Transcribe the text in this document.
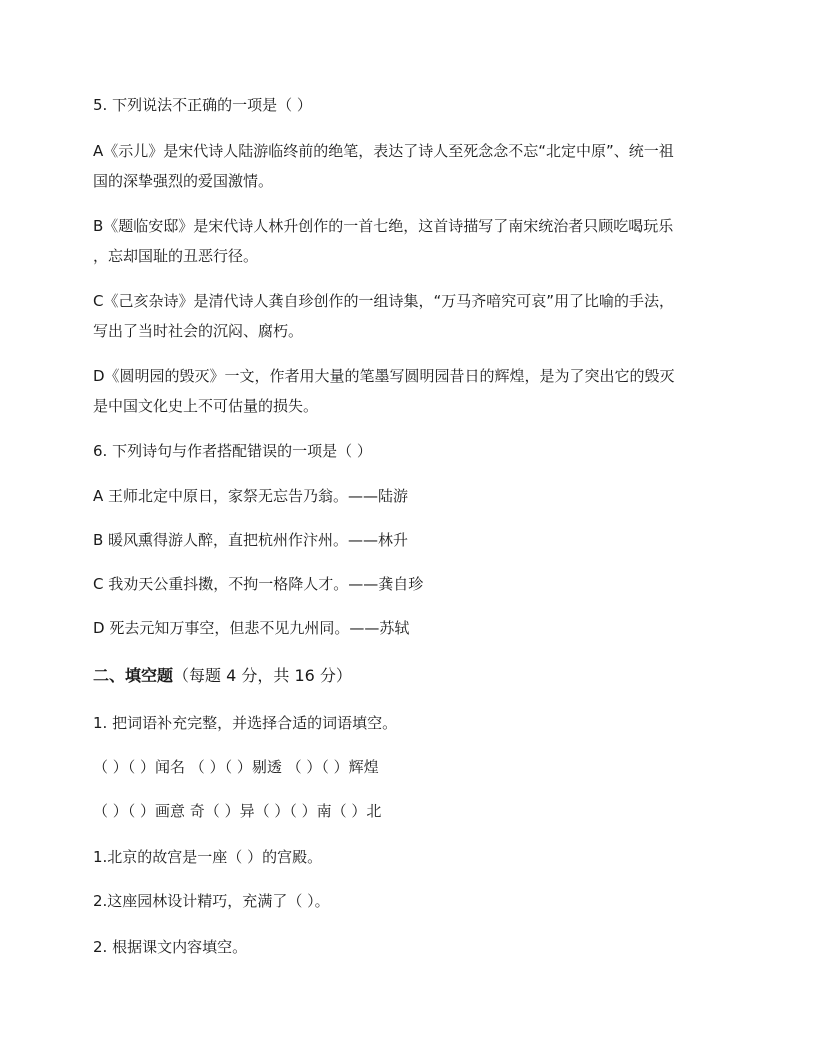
5. 下列说法不正确的一项是（ ）
A《示儿》是宋代诗人陆游临终前的绝笔，表达了诗人至死念念不忘“北定中原”、统一祖
国的深挚强烈的爱国激情。
B《题临安邸》是宋代诗人林升创作的一首七绝，这首诗描写了南宋统治者只顾吃喝玩乐
，忘却国耻的丑恶行径。
C《己亥杂诗》是清代诗人龚自珍创作的一组诗集，“万马齐喑究可哀”用了比喻的手法，
写出了当时社会的沉闷、腐朽。
D《圆明园的毁灭》一文，作者用大量的笔墨写圆明园昔日的辉煌，是为了突出它的毁灭
是中国文化史上不可估量的损失。
6. 下列诗句与作者搭配错误的一项是（ ）
A 王师北定中原日，家祭无忘告乃翁。——陆游
B 暖风熏得游人醉，直把杭州作汴州。——林升
C 我劝天公重抖擞，不拘一格降人才。——龚自珍
D 死去元知万事空，但悲不见九州同。——苏轼
二、填空题（每题 4 分，共 16 分）
1. 把词语补充完整，并选择合适的词语填空。
（ ）（ ）闻名 （ ）（ ）剔透 （ ）（ ）辉煌
（ ）（ ）画意 奇（ ）异（ ）（ ）南（ ）北
1.北京的故宫是一座（ ）的宫殿。
2.这座园林设计精巧，充满了（ ）。
2. 根据课文内容填空。
